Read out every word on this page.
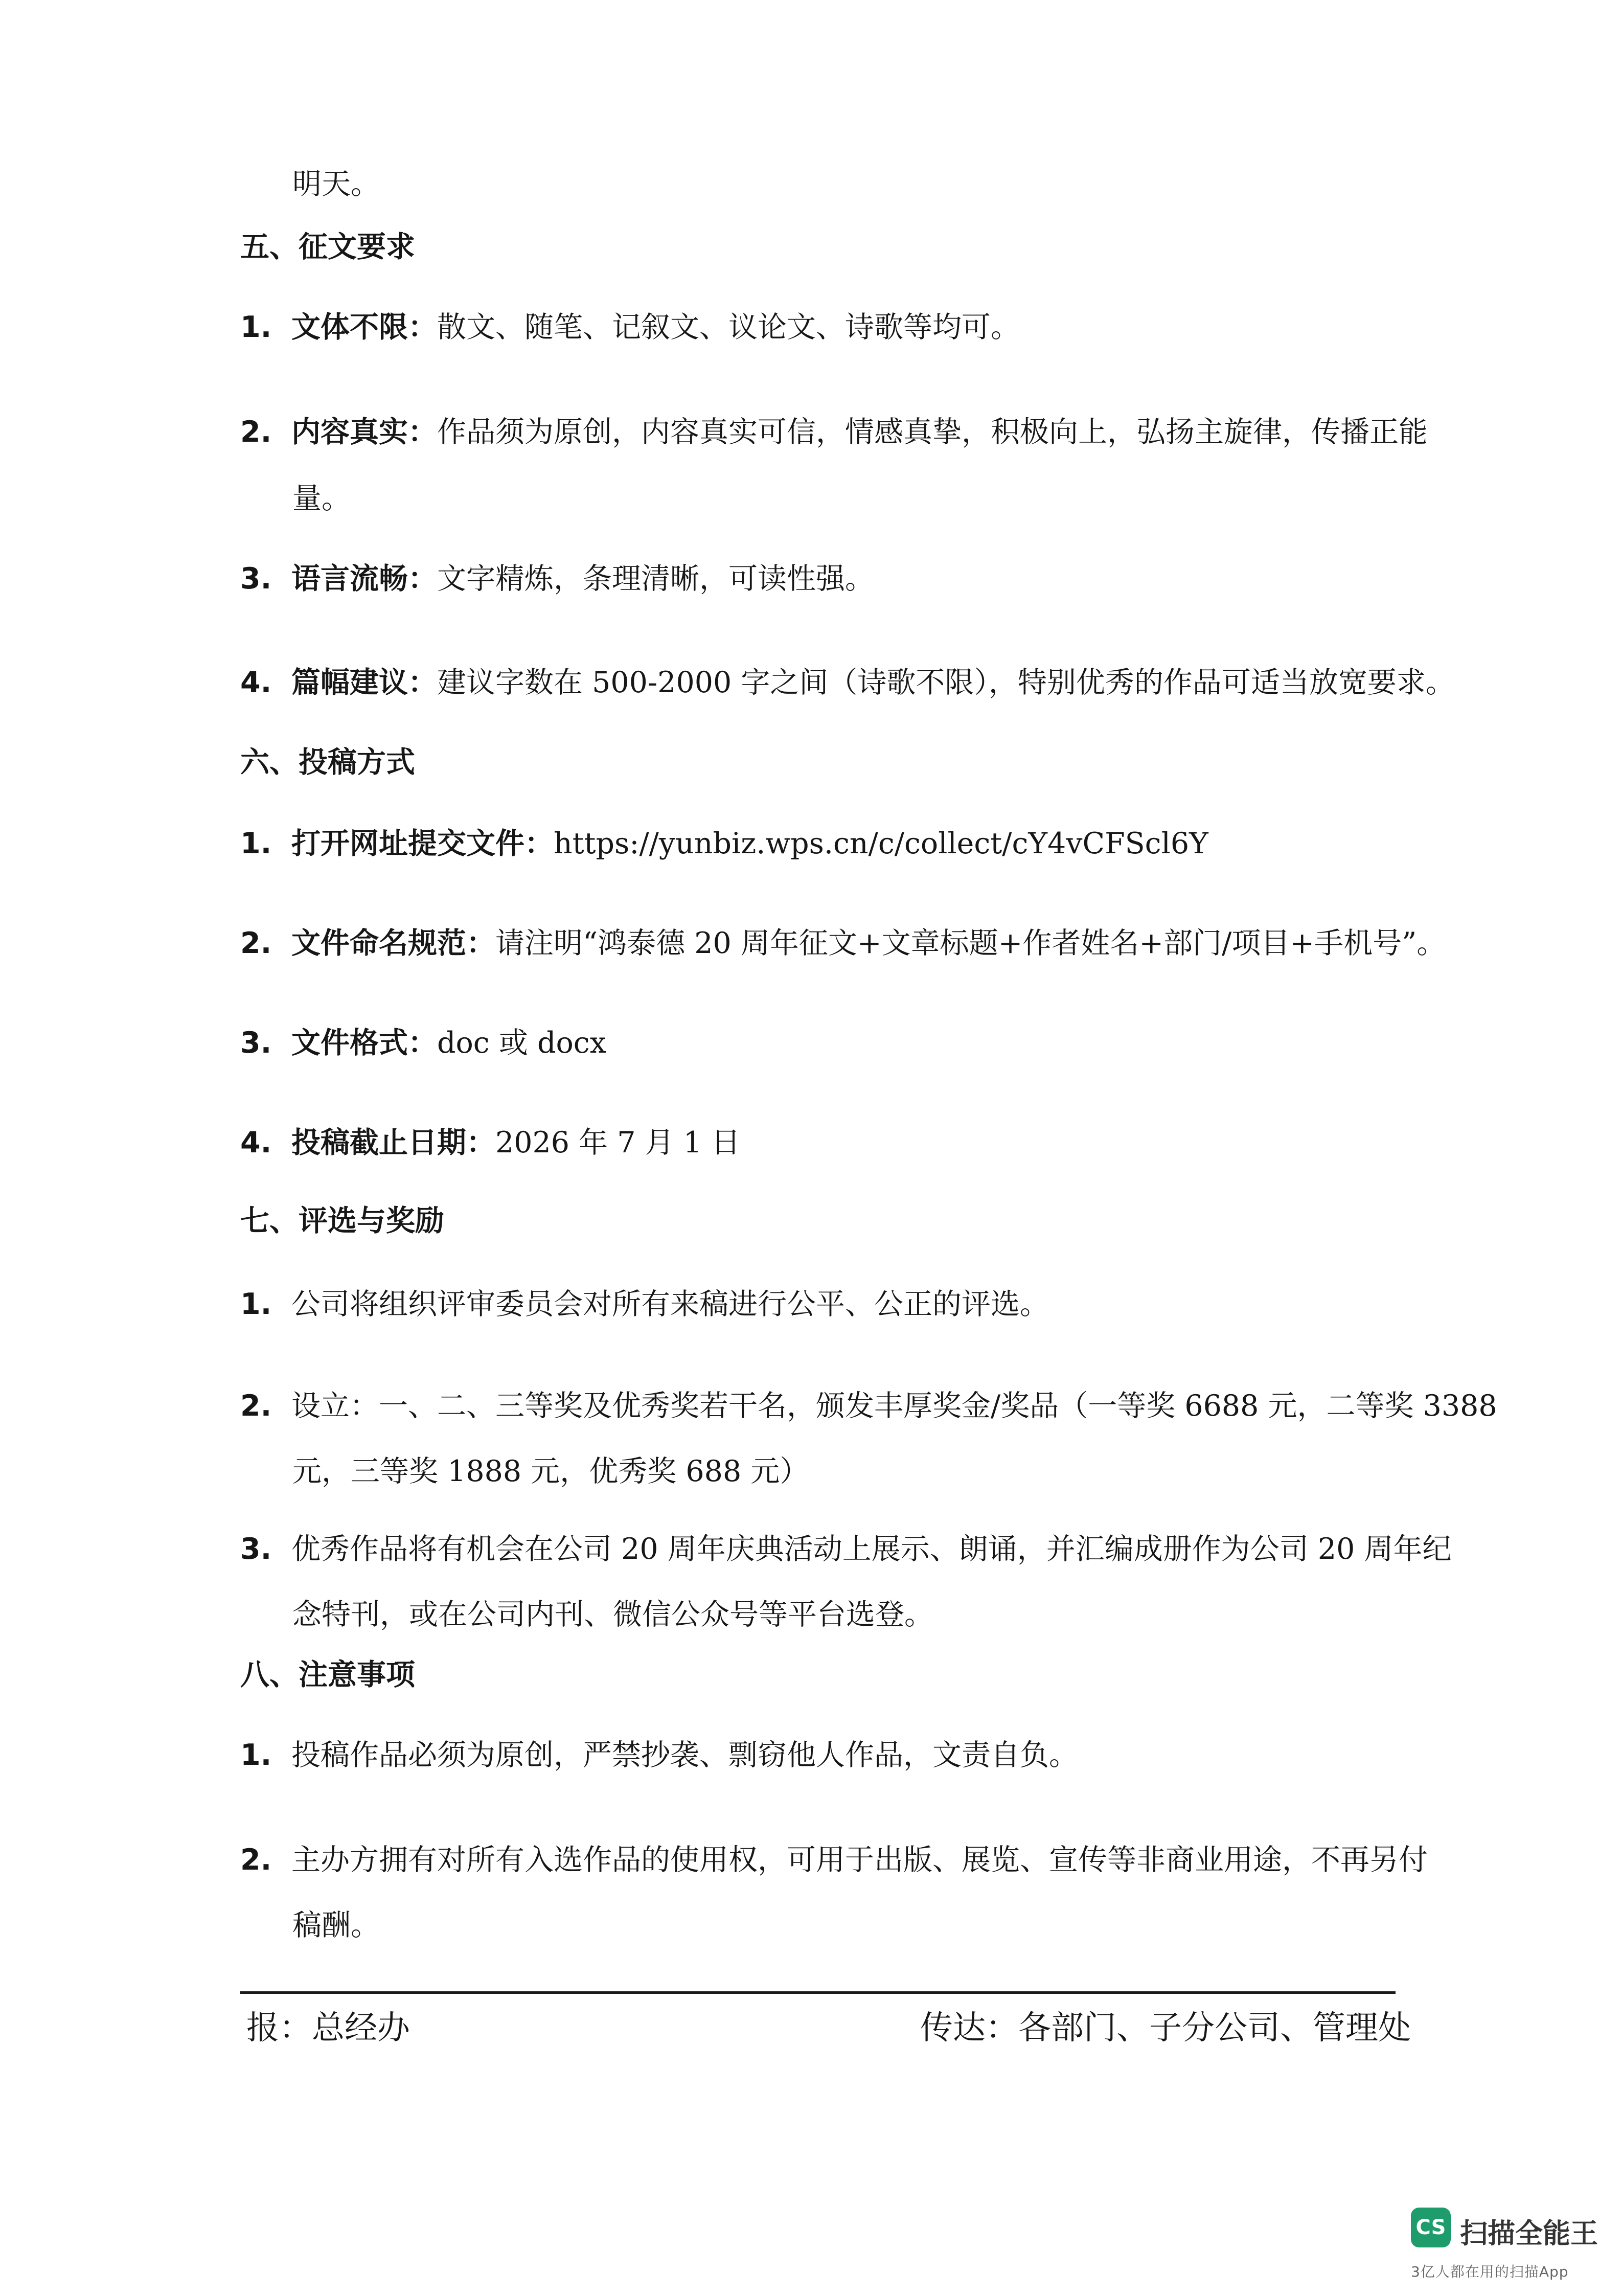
明天。
五、征文要求
1. 文体不限：散文、随笔、记叙文、议论文、诗歌等均可。
2. 内容真实：作品须为原创，内容真实可信，情感真挚，积极向上，弘扬主旋律，传播正能
量。
3. 语言流畅：文字精炼，条理清晰，可读性强。
4. 篇幅建议：建议字数在 500-2000 字之间（诗歌不限），特别优秀的作品可适当放宽要求。
六、投稿方式
1. 打开网址提交文件：https://yunbiz.wps.cn/c/collect/cY4vCFScl6Y
2. 文件命名规范：请注明“鸿泰德 20 周年征文+文章标题+作者姓名+部门/项目+手机号”。
3. 文件格式：doc 或 docx
4. 投稿截止日期：2026 年 7 月 1 日
七、评选与奖励
1. 公司将组织评审委员会对所有来稿进行公平、公正的评选。
2. 设立：一、二、三等奖及优秀奖若干名，颁发丰厚奖金/奖品（一等奖 6688 元，二等奖 3388
元，三等奖 1888 元，优秀奖 688 元）
3. 优秀作品将有机会在公司 20 周年庆典活动上展示、朗诵，并汇编成册作为公司 20 周年纪
念特刊，或在公司内刊、微信公众号等平台选登。
八、注意事项
1. 投稿作品必须为原创，严禁抄袭、剽窃他人作品，文责自负。
2. 主办方拥有对所有入选作品的使用权，可用于出版、展览、宣传等非商业用途，不再另付
稿酬。
报：总经办	传达：各部门、子分公司、管理处
CS 扫描全能王
3亿人都在用的扫描App
